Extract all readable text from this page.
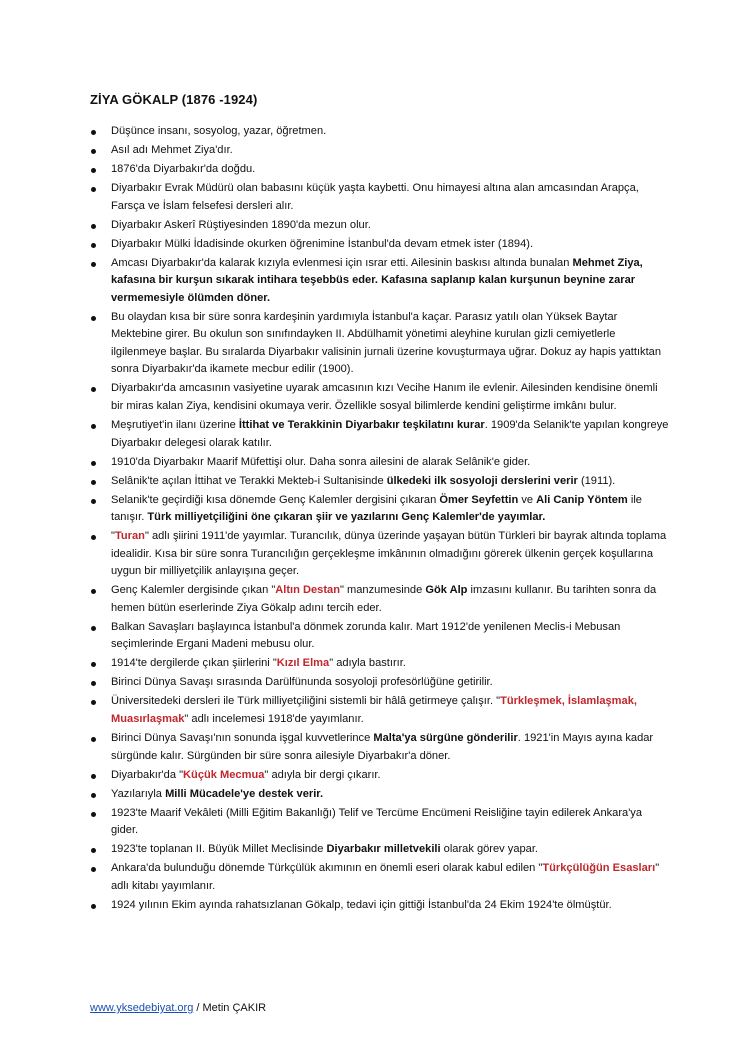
ZİYA GÖKALP (1876 -1924)
Düşünce insanı, sosyolog, yazar, öğretmen.
Asıl adı Mehmet Ziya'dır.
1876'da Diyarbakır'da doğdu.
Diyarbakır Evrak Müdürü olan babasını küçük yaşta kaybetti. Onu himayesi altına alan amcasından Arapça, Farsça ve İslam felsefesi dersleri alır.
Diyarbakır Askerî Rüştiyesinden 1890'da mezun olur.
Diyarbakır Mülki İdadisinde okurken öğrenimine İstanbul'da devam etmek ister (1894).
Amcası Diyarbakır'da kalarak kızıyla evlenmesi için ısrar etti. Ailesinin baskısı altında bunalan Mehmet Ziya, kafasına bir kurşun sıkarak intihara teşebbüs eder. Kafasına saplanıp kalan kurşunun beynine zarar vermemesiyle ölümden döner.
Bu olaydan kısa bir süre sonra kardeşinin yardımıyla İstanbul'a kaçar. Parasız yatılı olan Yüksek Baytar Mektebine girer. Bu okulun son sınıfındayken II. Abdülhamit yönetimi aleyhine kurulan gizli cemiyetlerle ilgilenmeye başlar. Bu sıralarda Diyarbakır valisinin jurnali üzerine kovuşturmaya uğrar. Dokuz ay hapis yattıktan sonra Diyarbakır'da ikamete mecbur edilir (1900).
Diyarbakır'da amcasının vasiyetine uyarak amcasının kızı Vecihe Hanım ile evlenir. Ailesinden kendisine önemli bir miras kalan Ziya, kendisini okumaya verir. Özellikle sosyal bilimlerde kendini geliştirme imkânı bulur.
Meşrutiyet'in ilanı üzerine İttihat ve Terakkinin Diyarbakır teşkilatını kurar. 1909'da Selanik'te yapılan kongreye Diyarbakır delegesi olarak katılır.
1910'da Diyarbakır Maarif Müfettişi olur. Daha sonra ailesini de alarak Selânik'e gider.
Selânik'te açılan İttihat ve Terakki Mekteb-i Sultanisinde ülkedeki ilk sosyoloji derslerini verir (1911).
Selanik'te geçirdiği kısa dönemde Genç Kalemler dergisini çıkaran Ömer Seyfettin ve Ali Canip Yöntem ile tanışır. Türk milliyetçiliğini öne çıkaran şiir ve yazılarını Genç Kalemler'de yayımlar.
"Turan" adlı şiirini 1911'de yayımlar. Turancılık, dünya üzerinde yaşayan bütün Türkleri bir bayrak altında toplama idealidir. Kısa bir süre sonra Turancılığın gerçekleşme imkânının olmadığını görerek ülkenin gerçek koşullarına uygun bir milliyetçilik anlayışına geçer.
Genç Kalemler dergisinde çıkan "Altın Destan" manzumesinde Gök Alp imzasını kullanır. Bu tarihten sonra da hemen bütün eserlerinde Ziya Gökalp adını tercih eder.
Balkan Savaşları başlayınca İstanbul'a dönmek zorunda kalır. Mart 1912'de yenilenen Meclis-i Mebusan seçimlerinde Ergani Madeni mebusu olur.
1914'te dergilerde çıkan şiirlerini "Kızıl Elma" adıyla bastırır.
Birinci Dünya Savaşı sırasında Darülfünunda sosyoloji profesörlüğüne getirilir.
Üniversitedeki dersleri ile Türk milliyetçiliğini sistemli bir hâlâ getirmeye çalışır. "Türkleşmek, İslamlaşmak, Muasırlaşmak" adlı incelemesi 1918'de yayımlanır.
Birinci Dünya Savaşı'nın sonunda işgal kuvvetlerince Malta'ya sürgüne gönderilir. 1921'in Mayıs ayına kadar sürgünde kalır. Sürgünden bir süre sonra ailesiyle Diyarbakır'a döner.
Diyarbakır'da "Küçük Mecmua" adıyla bir dergi çıkarır.
Yazılarıyla Milli Mücadele'ye destek verir.
1923'te Maarif Vekâleti (Milli Eğitim Bakanlığı) Telif ve Tercüme Encümeni Reisliğine tayin edilerek Ankara'ya gider.
1923'te toplanan II. Büyük Millet Meclisinde Diyarbakır milletvekili olarak görev yapar.
Ankara'da bulunduğu dönemde Türkçülük akımının en önemli eseri olarak kabul edilen "Türkçülüğün Esasları" adlı kitabı yayımlanır.
1924 yılının Ekim ayında rahatsızlanan Gökalp, tedavi için gittiği İstanbul'da 24 Ekim 1924'te ölmüştür.
www.yksedebiyat.org / Metin ÇAKIR
